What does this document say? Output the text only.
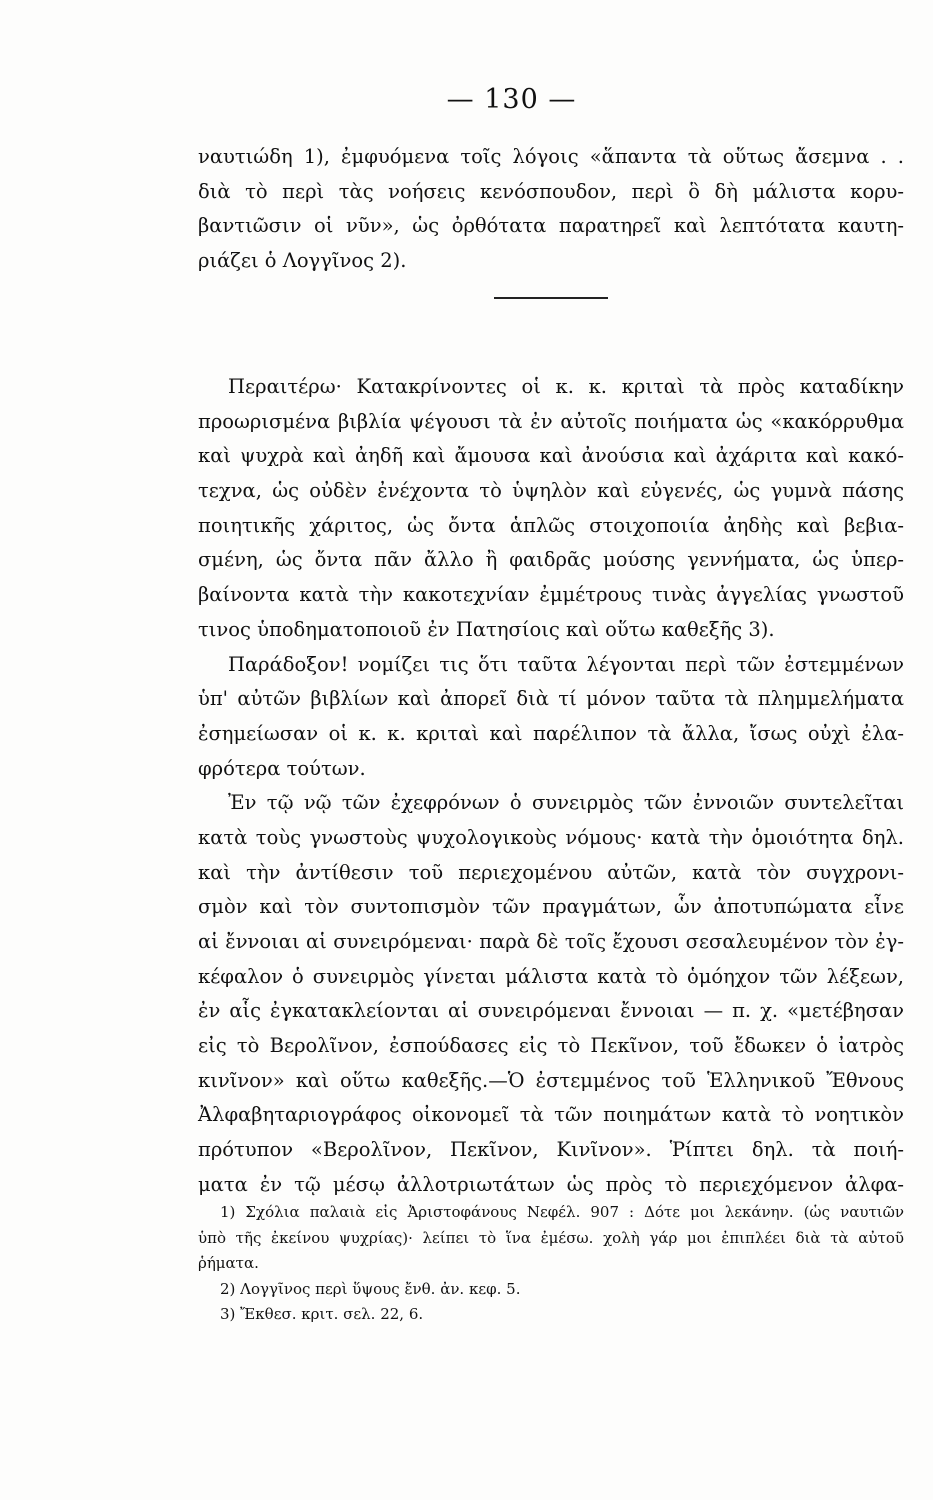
— 130 —
ναυτιώδη 1), ἐμφυόμενα τοῖς λόγοις «ἅπαντα τὰ οὕτως ἄσεμνα . .
διὰ τὸ περὶ τὰς νοήσεις κενόσπουδον, περὶ ὃ δὴ μάλιστα κορυ-
βαντιῶσιν οἱ νῦν», ὡς ὀρθότατα παρατηρεῖ καὶ λεπτότατα καυτη-
ριάζει ὁ Λογγῖνος 2).
Περαιτέρω· Κατακρίνοντες οἱ κ. κ. κριταὶ τὰ πρὸς καταδίκην
προωρισμένα βιβλία ψέγουσι τὰ ἐν αὐτοῖς ποιήματα ὡς «κακόρρυθμα
καὶ ψυχρὰ καὶ ἀηδῆ καὶ ἄμουσα καὶ ἀνούσια καὶ ἀχάριτα καὶ κακό-
τεχνα, ὡς οὐδὲν ἐνέχοντα τὸ ὑψηλὸν καὶ εὐγενές, ὡς γυμνὰ πάσης
ποιητικῆς χάριτος, ὡς ὄντα ἁπλῶς στοιχοποιία ἀηδὴς καὶ βεβια-
σμένη, ὡς ὄντα πᾶν ἄλλο ἢ φαιδρᾶς μούσης γεννήματα, ὡς ὑπερ-
βαίνοντα κατὰ τὴν κακοτεχνίαν ἐμμέτρους τινὰς ἀγγελίας γνωστοῦ
τινος ὑποδηματοποιοῦ ἐν Πατησίοις καὶ οὕτω καθεξῆς 3).
Παράδοξον! νομίζει τις ὅτι ταῦτα λέγονται περὶ τῶν ἐστεμμένων
ὑπ' αὐτῶν βιβλίων καὶ ἀπορεῖ διὰ τί μόνον ταῦτα τὰ πλημμελήματα
ἐσημείωσαν οἱ κ. κ. κριταὶ καὶ παρέλιπον τὰ ἄλλα, ἴσως οὐχὶ ἐλα-
φρότερα τούτων.
Ἐν τῷ νῷ τῶν ἐχεφρόνων ὁ συνειρμὸς τῶν ἐννοιῶν συντελεῖται
κατὰ τοὺς γνωστοὺς ψυχολογικοὺς νόμους· κατὰ τὴν ὁμοιότητα δηλ.
καὶ τὴν ἀντίθεσιν τοῦ περιεχομένου αὐτῶν, κατὰ τὸν συγχρονι-
σμὸν καὶ τὸν συντοπισμὸν τῶν πραγμάτων, ὧν ἀποτυπώματα εἶνε
αἱ ἔννοιαι αἱ συνειρόμεναι· παρὰ δὲ τοῖς ἔχουσι σεσαλευμένον τὸν ἐγ-
κέφαλον ὁ συνειρμὸς γίνεται μάλιστα κατὰ τὸ ὁμόηχον τῶν λέξεων,
ἐν αἷς ἐγκατακλείονται αἱ συνειρόμεναι ἔννοιαι — π. χ. «μετέβησαν
εἰς τὸ Βερολῖνον, ἐσπούδασες εἰς τὸ Πεκῖνον, τοῦ ἔδωκεν ὁ ἰατρὸς
κινῖνον» καὶ οὕτω καθεξῆς.—Ὁ ἐστεμμένος τοῦ Ἑλληνικοῦ Ἔθνους
Ἀλφαβηταριογράφος οἰκονομεῖ τὰ τῶν ποιημάτων κατὰ τὸ νοητικὸν
πρότυπον «Βερολῖνον, Πεκῖνον, Κινῖνον». Ῥίπτει δηλ. τὰ ποιή-
ματα ἐν τῷ μέσῳ ἀλλοτριωτάτων ὡς πρὸς τὸ περιεχόμενον ἀλφα-
1) Σχόλια παλαιὰ εἰς Ἀριστοφάνους Νεφέλ. 907 : Δότε μοι λεκάνην. (ὡς ναυτιῶν
ὑπὸ τῆς ἐκείνου ψυχρίας)· λείπει τὸ ἵνα ἐμέσω. χολὴ γάρ μοι ἐπιπλέει διὰ τὰ αὐτοῦ
ῥήματα.
2) Λογγῖνος περὶ ὕψους ἔνθ. ἀν. κεφ. 5.
3) Ἔκθεσ. κριτ. σελ. 22, 6.
